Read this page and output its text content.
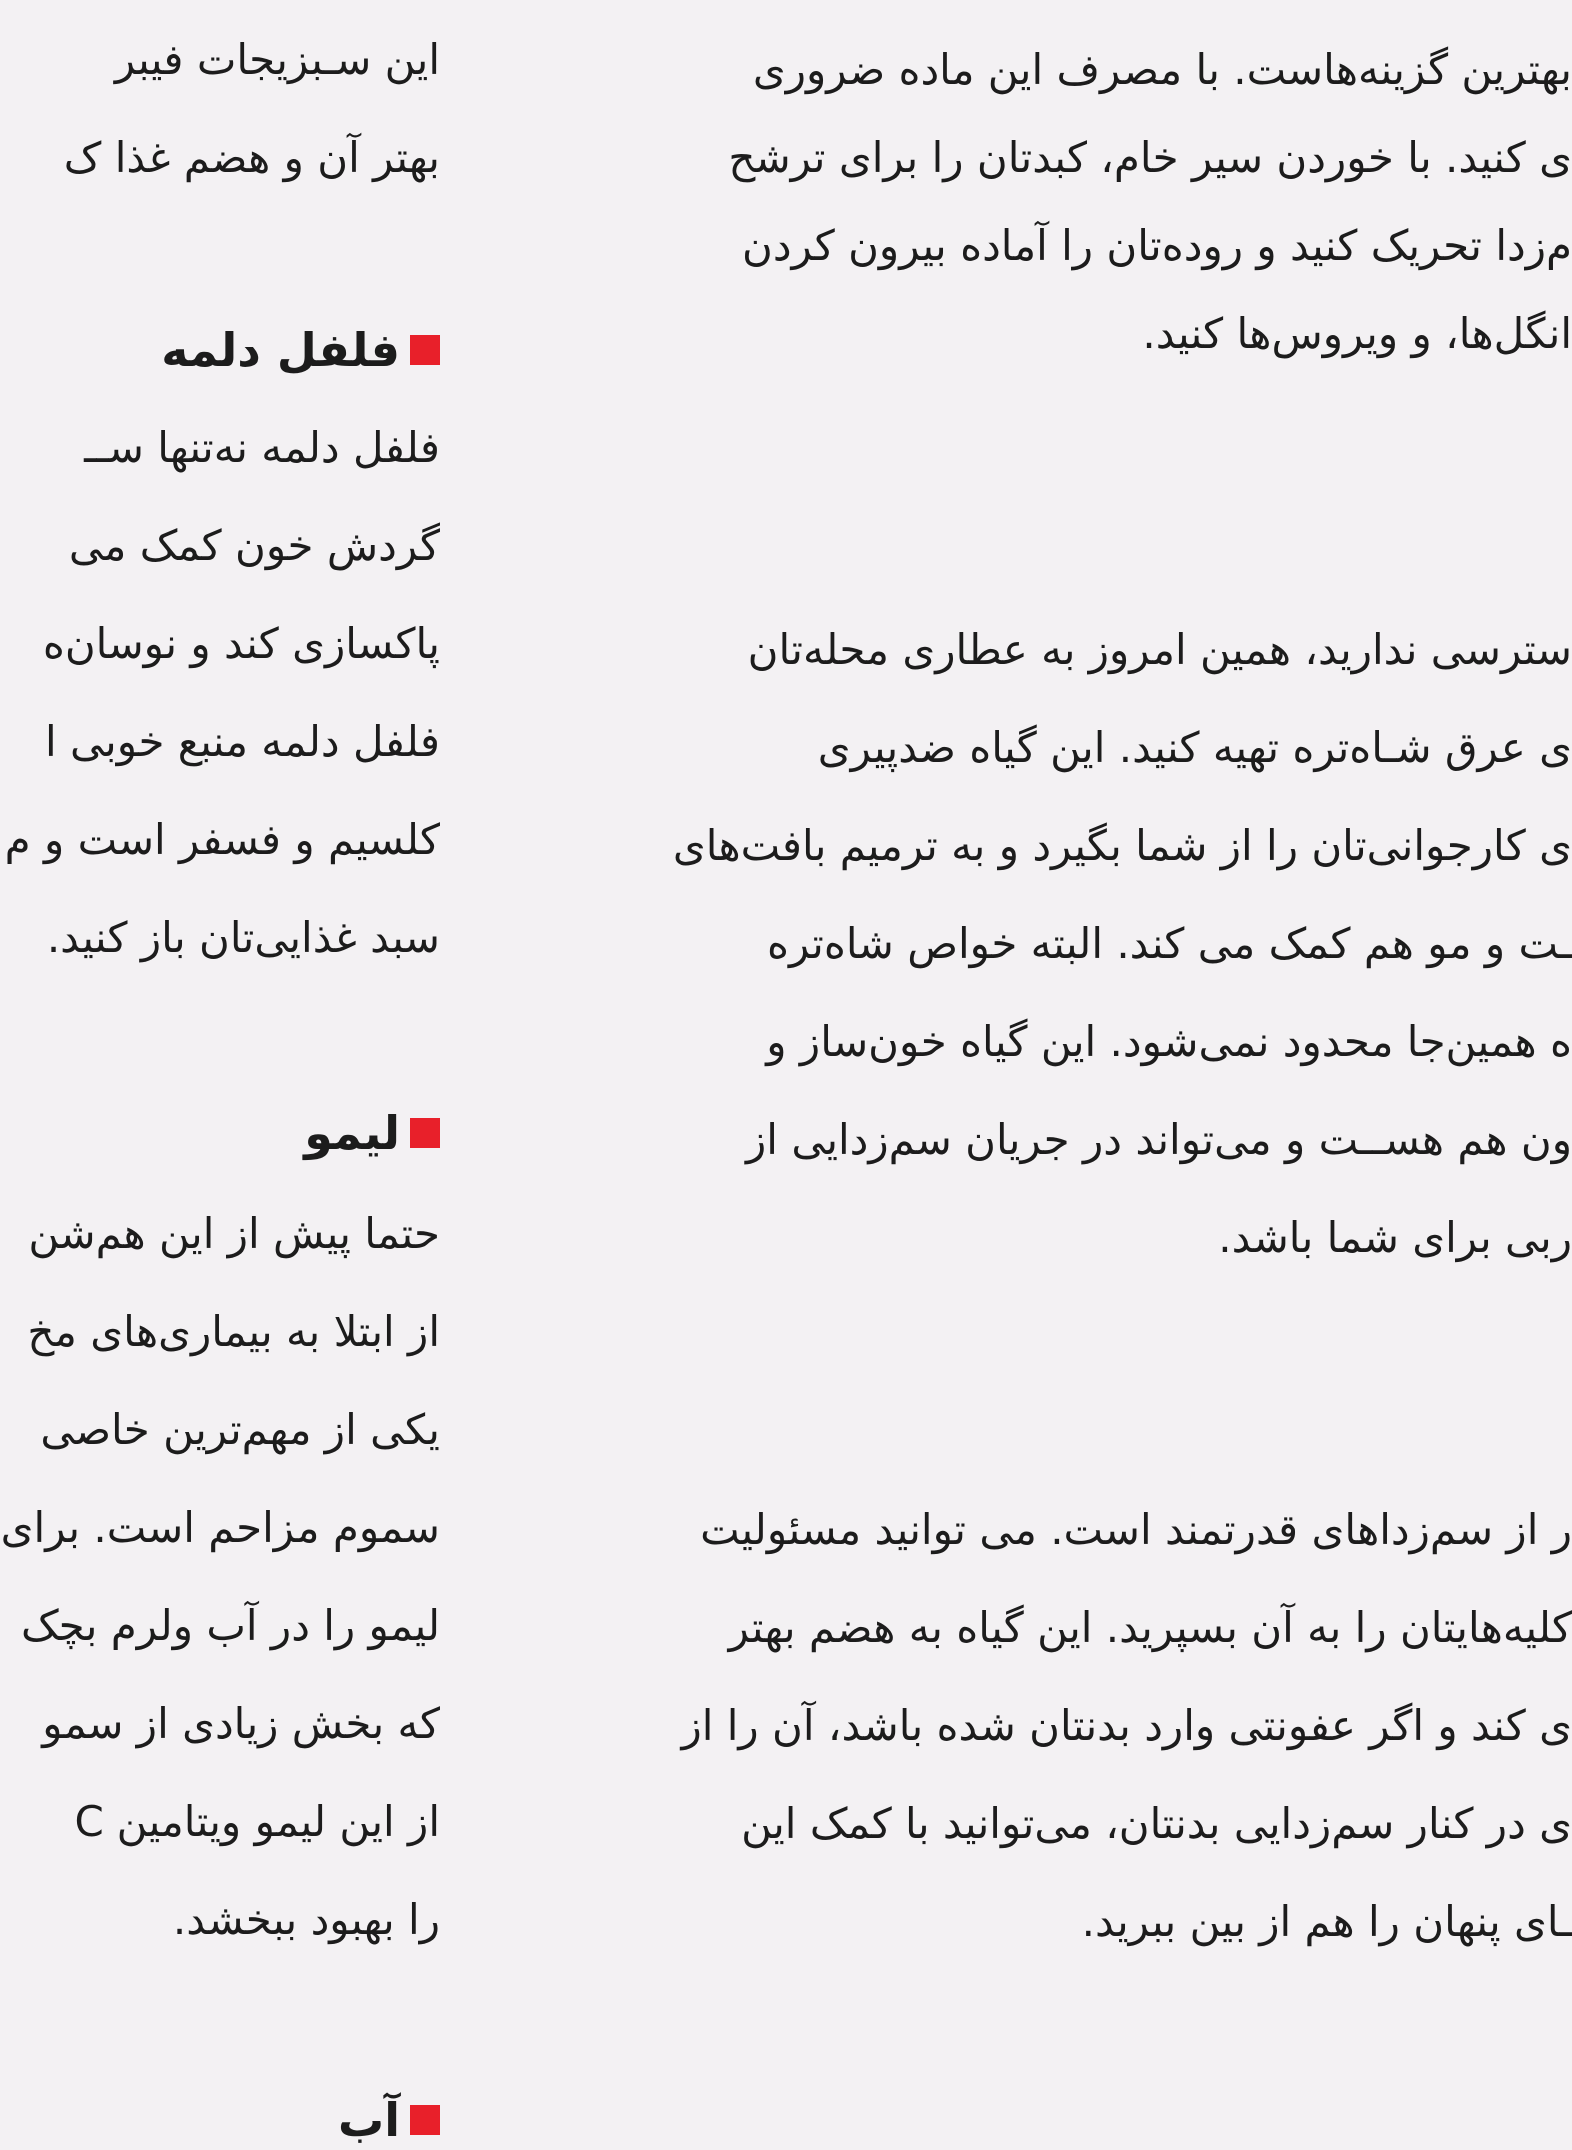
بهترین گزینه‌هاست. با مصرف این ماده ضروری
ی کنید. با خوردن سیر خام، کبدتان را برای ترشح
م‌زدا تحریک کنید و روده‌تان را آماده بیرون کردن
انگل‌ها، و ویروس‌ها کنید.
ستر‌سی ندارید، همین امروز به عطاری محله‌تان
ی عرق شـاه‌تره تهیه کنید. این گیاه ضدپیری
ی کارجوانی‌تان را از شما بگیرد و به ترمیم بافت‌های
ـت و مو هم کمک می کند. البته خواص شاه‌تره
ه همین‌جا محدود نمی‌شود. این گیاه خون‌ساز و
ون هم هســت و می‌تواند در جریان سم‌زدایی از
ربی برای شما باشد.
ر از سم‌زداهای قدرتمند است. می توانید مسئولیت
کلیه‌هایتان را به آن بسپرید. این گیاه به هضم بهتر
ی کند و اگر عفونتی وارد بدنتان شده باشد، آن را از
ی در کنار سم‌زدایی بدنتان، می‌توانید با کمک این
ـای پنهان را هم از بین ببرید.
این سـبزیجات فیبر
بهتر آن و هضم غذا ک
فلفل دلمه
فلفل دلمه نه‌تنها ســ
گردش خون کمک می
پاکسازی کند و نوسان‌ه
فلفل دلمه منبع خوبی ا
کلسیم و فسفر است و م
سبد غذایی‌تان باز کنید.
لیمو
حتما پیش از این هم‌شن
از ابتلا به بیماری‌های مخ
یکی از مهم‌ترین خاصی
سموم مزاحم است. برای
لیمو را در آب ولرم بچک
که بخش زیادی از سمو
از این لیمو ویتامین C
را بهبود ببخشد.
آب
